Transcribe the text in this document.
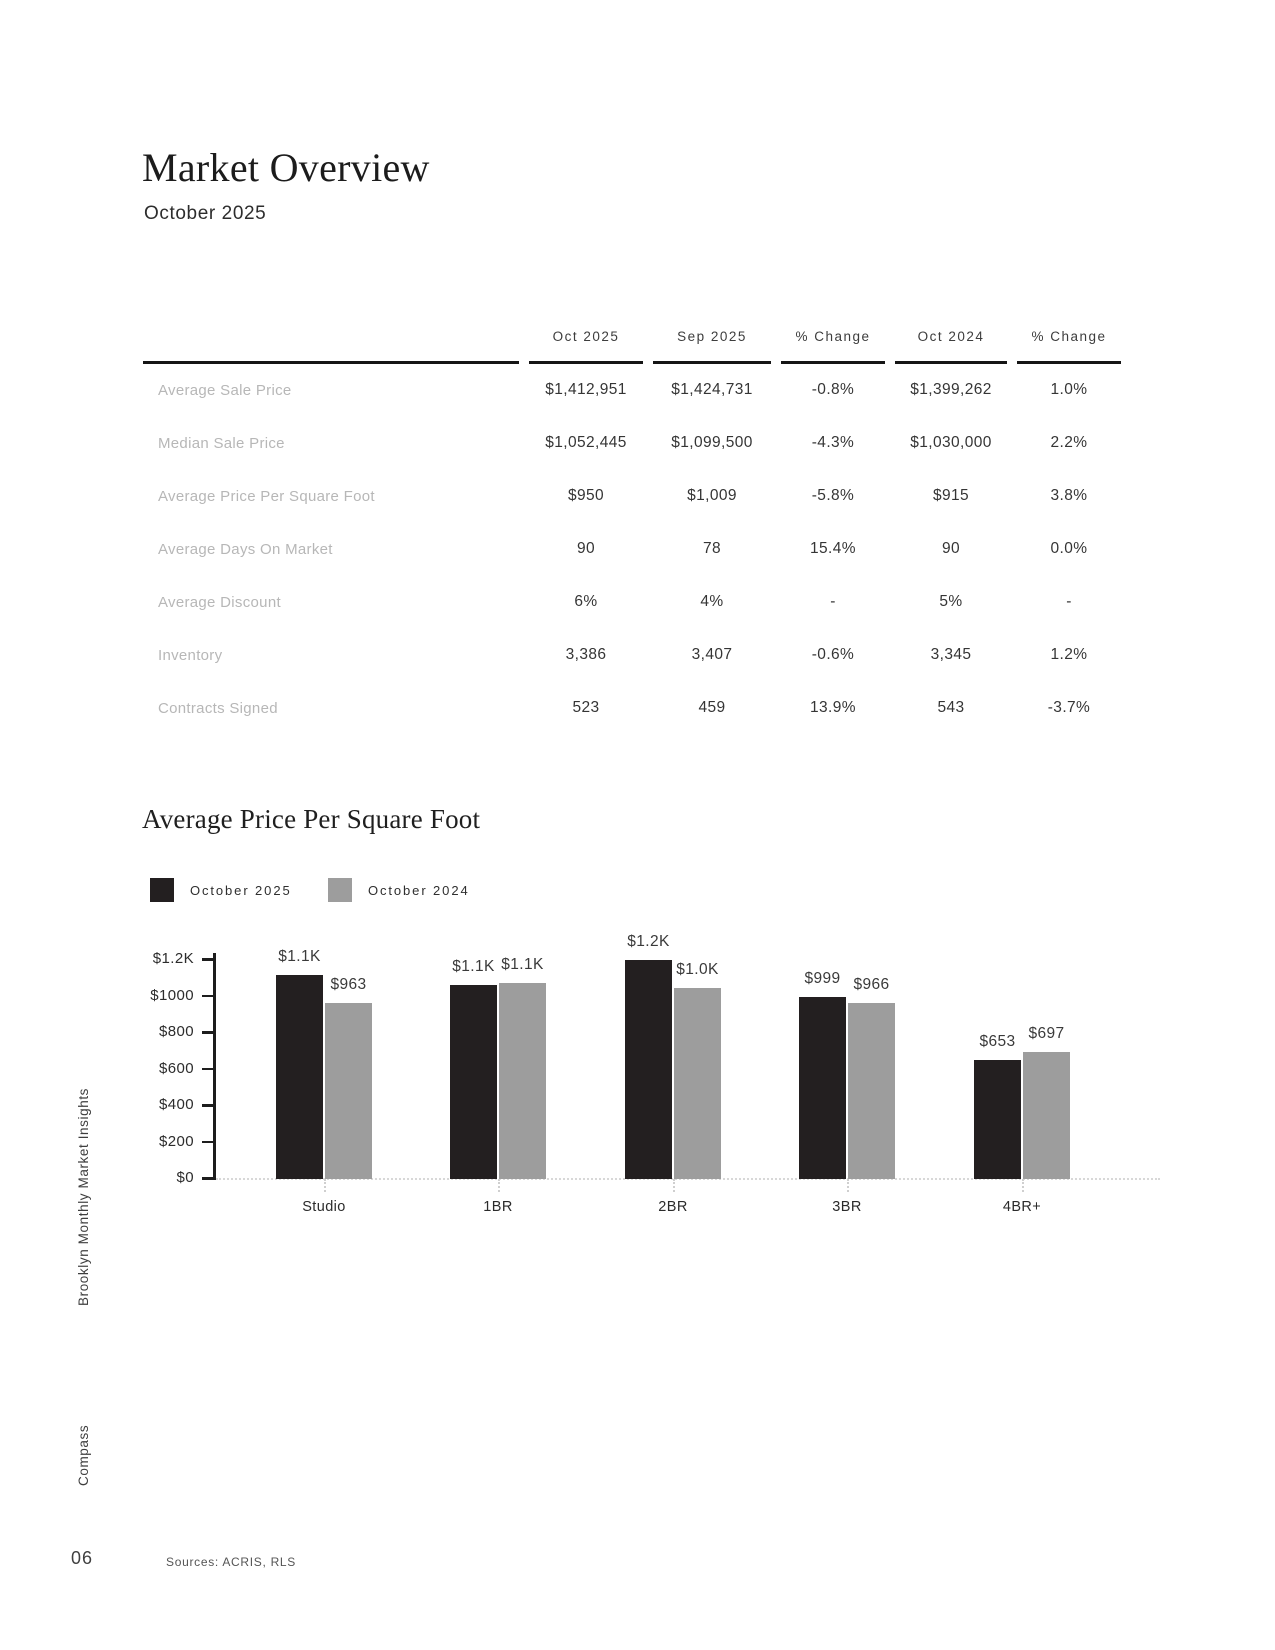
Market Overview
October 2025
	Oct 2025	Sep 2025	% Change	Oct 2024	% Change
Average Sale Price	$1,412,951	$1,424,731	-0.8%	$1,399,262	1.0%
Median Sale Price	$1,052,445	$1,099,500	-4.3%	$1,030,000	2.2%
Average Price Per Square Foot	$950	$1,009	-5.8%	$915	3.8%
Average Days On Market	90	78	15.4%	90	0.0%
Average Discount	6%	4%	-	5%	-
Inventory	3,386	3,407	-0.6%	3,345	1.2%
Contracts Signed	523	459	13.9%	543	-3.7%
Average Price Per Square Foot
October 2025	October 2024
$1.2K
$1000
$800
$600
$400
$200
$0
$1.1K
$963
Studio
$1.1K $1.1K
1BR
$1.2K
$1.0K
2BR
$999 $966
3BR
$653 $697
4BR+
Brooklyn Monthly Market Insights
Compass
06	Sources: ACRIS, RLS
